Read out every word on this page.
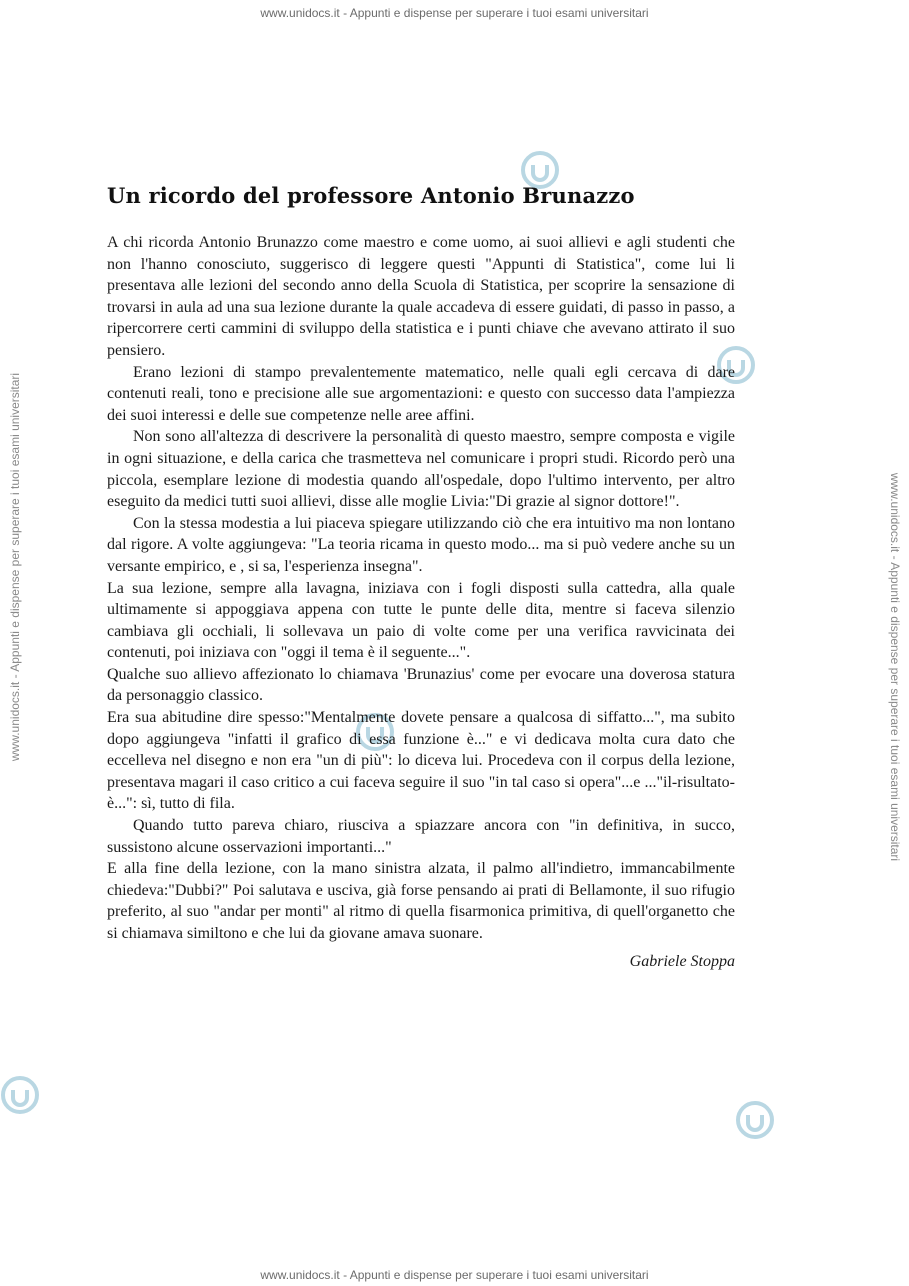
www.unidocs.it - Appunti e dispense per superare i tuoi esami universitari
www.unidocs.it - Appunti e dispense per superare i tuoi esami universitari
www.unidocs.it - Appunti e dispense per superare i tuoi esami universitari	www.unidocs.it - Appunti e dispense per superare i tuoi esami universitari
Un ricordo del professore Antonio Brunazzo

A chi ricorda Antonio Brunazzo come maestro e come uomo, ai suoi allievi e agli studenti che non l'hanno conosciuto, suggerisco di leggere questi "Appunti di Statistica", come lui li presentava alle lezioni del secondo anno della Scuola di Statistica, per scoprire la sensazione di trovarsi in aula ad una sua lezione durante la quale accadeva di essere guidati, di passo in passo, a ripercorrere certi cammini di sviluppo della statistica e i punti chiave che avevano attirato il suo pensiero.

Erano lezioni di stampo prevalentemente matematico, nelle quali egli cercava di dare contenuti reali, tono e precisione alle sue argomentazioni: e questo con successo data l'ampiezza dei suoi interessi e delle sue competenze nelle aree affini.

Non sono all'altezza di descrivere la personalità di questo maestro, sempre composta e vigile in ogni situazione, e della carica che trasmetteva nel comunicare i propri studi. Ricordo però una piccola, esemplare lezione di modestia quando all'ospedale, dopo l'ultimo intervento, per altro eseguito da medici tutti suoi allievi, disse alle moglie Livia:"Di grazie al signor dottore!".

Con la stessa modestia a lui piaceva spiegare utilizzando ciò che era intuitivo ma non lontano dal rigore. A volte aggiungeva: "La teoria ricama in questo modo... ma si può vedere anche su un versante empirico, e , si sa, l'esperienza insegna".

La sua lezione, sempre alla lavagna, iniziava con i fogli disposti sulla cattedra, alla quale ultimamente si appoggiava appena con tutte le punte delle dita, mentre si faceva silenzio cambiava gli occhiali, li sollevava un paio di volte come per una verifica ravvicinata dei contenuti, poi iniziava con "oggi il tema è il seguente...".

Qualche suo allievo affezionato lo chiamava 'Brunazius' come per evocare una doverosa statura da personaggio classico.

Era sua abitudine dire spesso:"Mentalmente dovete pensare a qualcosa di siffatto...", ma subito dopo aggiungeva "infatti il grafico di essa funzione è..." e vi dedicava molta cura dato che eccelleva nel disegno e non era "un di più": lo diceva lui. Procedeva con il corpus della lezione, presentava magari il caso critico a cui faceva seguire il suo "in tal caso si opera"...e ..."il-risultato-è...": sì, tutto di fila.

Quando tutto pareva chiaro, riusciva a spiazzare ancora con "in definitiva, in succo, sussistono alcune osservazioni importanti..."

E alla fine della lezione, con la mano sinistra alzata, il palmo all'indietro, immancabilmente chiedeva:"Dubbi?" Poi salutava e usciva, già forse pensando ai prati di Bellamonte, il suo rifugio preferito, al suo "andar per monti" al ritmo di quella fisarmonica primitiva, di quell'organetto che si chiamava similtono e che lui da giovane amava suonare.

Gabriele Stoppa
